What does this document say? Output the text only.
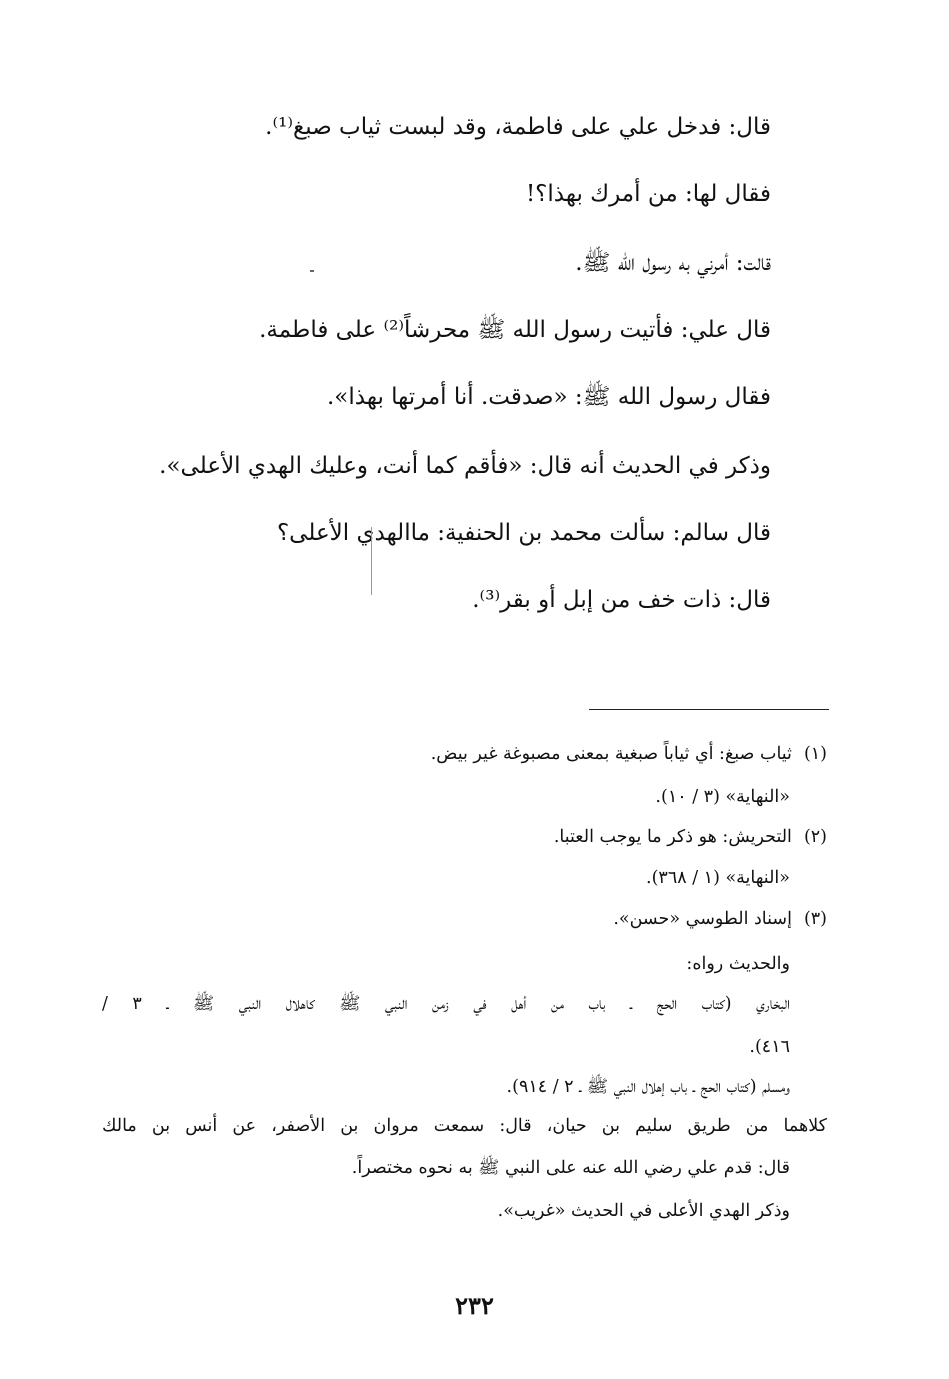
قال: فدخل علي على فاطمة، وقد لبست ثياب صبغ⁽¹⁾.
فقال لها: من أمرك بهذا؟!
قالت: أمرني به رسول الله ﷺ.
قال علي: فأتيت رسول الله ﷺ محرشاً⁽²⁾ على فاطمة.
فقال رسول الله ﷺ: «صدقت. أنا أمرتها بهذا».
وذكر في الحديث أنه قال: «فأقم كما أنت، وعليك الهدي الأعلى».
قال سالم: سألت محمد بن الحنفية: ماالهدي الأعلى؟
قال: ذات خف من إبل أو بقر⁽³⁾.
(١)ثياب صبغ: أي ثياباً صبغية بمعنى مصبوغة غير بيض.
«النهاية» (٣ / ١٠).
(٢)التحريش: هو ذكر ما يوجب العتبا.
«النهاية» (١ / ٣٦٨).
(٣)إسناد الطوسي «حسن».
والحديث رواه:
البخاري (كتاب الحج ـ باب من أهل في زمن النبي ﷺ كاهلال النبي ﷺ ـ ٣ /
٤١٦).
ومسلم (كتاب الحج ـ باب إهلال النبي ﷺ ـ ٢ / ٩١٤).
كلاهما من طريق سليم بن حيان، قال: سمعت مروان بن الأصفر، عن أنس بن مالك
قال: قدم علي رضي الله عنه على النبي ﷺ به نحوه مختصراً.
وذكر الهدي الأعلى في الحديث «غريب».
٢٣٢
